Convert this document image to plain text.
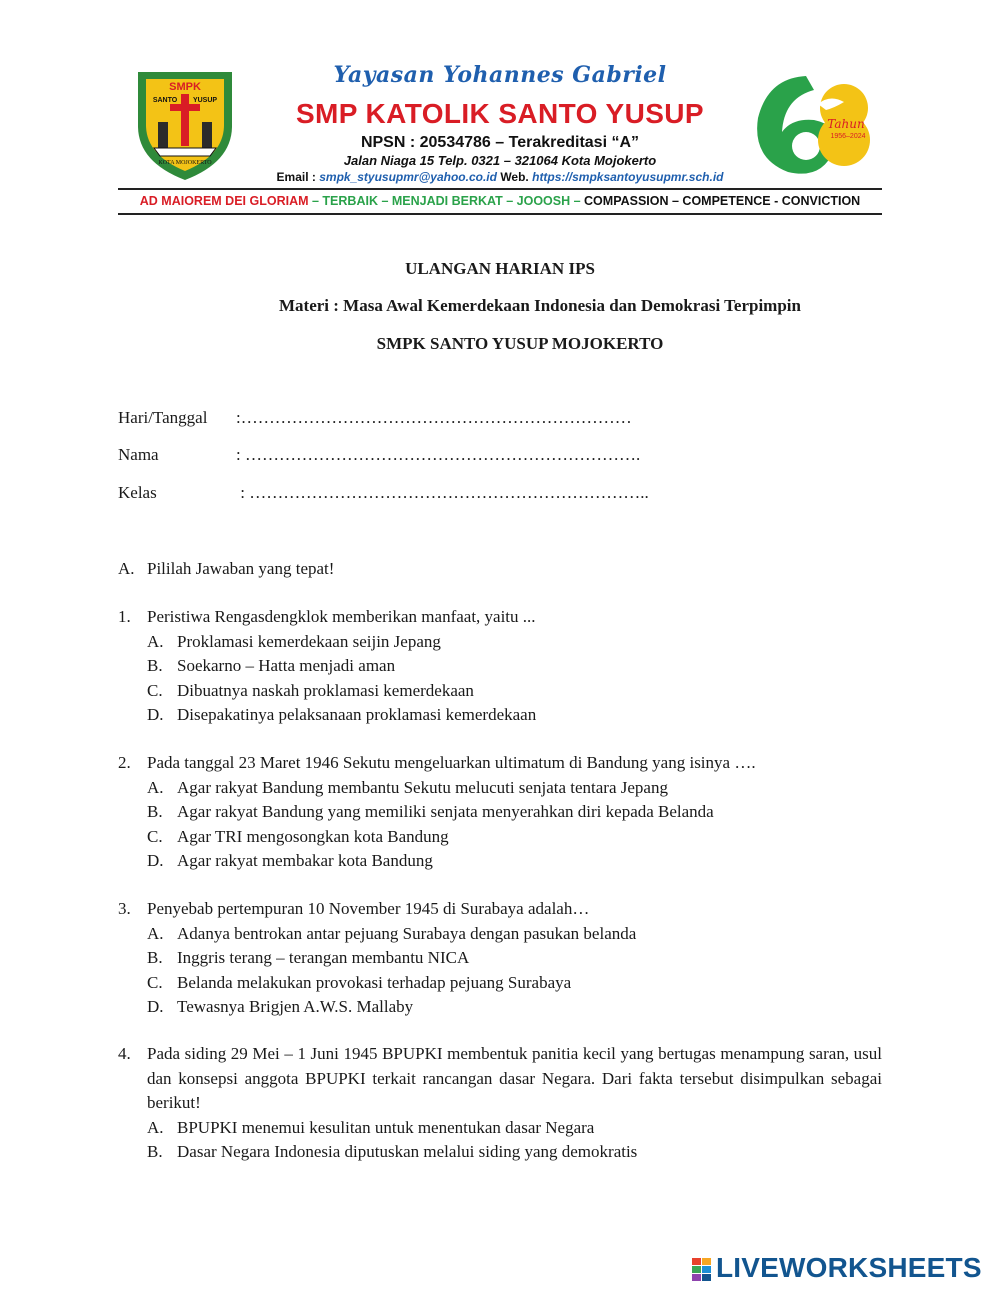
SMPK
SANTO YUSUP
KOTA MOJOKERTO
Yayasan Yohannes Gabriel
SMP KATOLIK SANTO YUSUP
NPSN : 20534786 – Terakreditasi “A”
Jalan Niaga 15 Telp. 0321 – 321064 Kota Mojokerto
Email : smpk_styusupmr@yahoo.co.id Web. https://smpksantoyusupmr.sch.id
Tahun
1956–2024
AD MAIOREM DEI GLORIAM – TERBAIK – MENJADI BERKAT – JOOOSH – COMPASSION – COMPETENCE - CONVICTION
ULANGAN HARIAN IPS
Materi : Masa Awal Kemerdekaan Indonesia dan Demokrasi Terpimpin
SMPK SANTO YUSUP MOJOKERTO
Hari/Tanggal :……………………………………………………………
Nama	: …………………………………………………………….
Kelas	: ……………………………………………………………..
A. Pililah Jawaban yang tepat!
1. Peristiwa Rengasdengklok memberikan manfaat, yaitu ...
A. Proklamasi kemerdekaan seijin Jepang
B. Soekarno – Hatta menjadi aman
C. Dibuatnya naskah proklamasi kemerdekaan
D. Disepakatinya pelaksanaan proklamasi kemerdekaan
2. Pada tanggal 23 Maret 1946 Sekutu mengeluarkan ultimatum di Bandung yang isinya ….
A. Agar rakyat Bandung membantu Sekutu melucuti senjata tentara Jepang
B. Agar rakyat Bandung yang memiliki senjata menyerahkan diri kepada Belanda
C. Agar TRI mengosongkan kota Bandung
D. Agar rakyat membakar kota Bandung
3. Penyebab pertempuran 10 November 1945 di Surabaya adalah…
A. Adanya bentrokan antar pejuang Surabaya dengan pasukan belanda
B. Inggris terang – terangan membantu NICA
C. Belanda melakukan provokasi terhadap pejuang Surabaya
D. Tewasnya Brigjen A.W.S. Mallaby
4. Pada siding 29 Mei – 1 Juni 1945 BPUPKI membentuk panitia kecil yang bertugas menampung saran, usul dan konsepsi anggota BPUPKI terkait rancangan dasar Negara. Dari fakta tersebut disimpulkan sebagai berikut!
A. BPUPKI menemui kesulitan untuk menentukan dasar Negara
B. Dasar Negara Indonesia diputuskan melalui siding yang demokratis
LIVEWORKSHEETS
